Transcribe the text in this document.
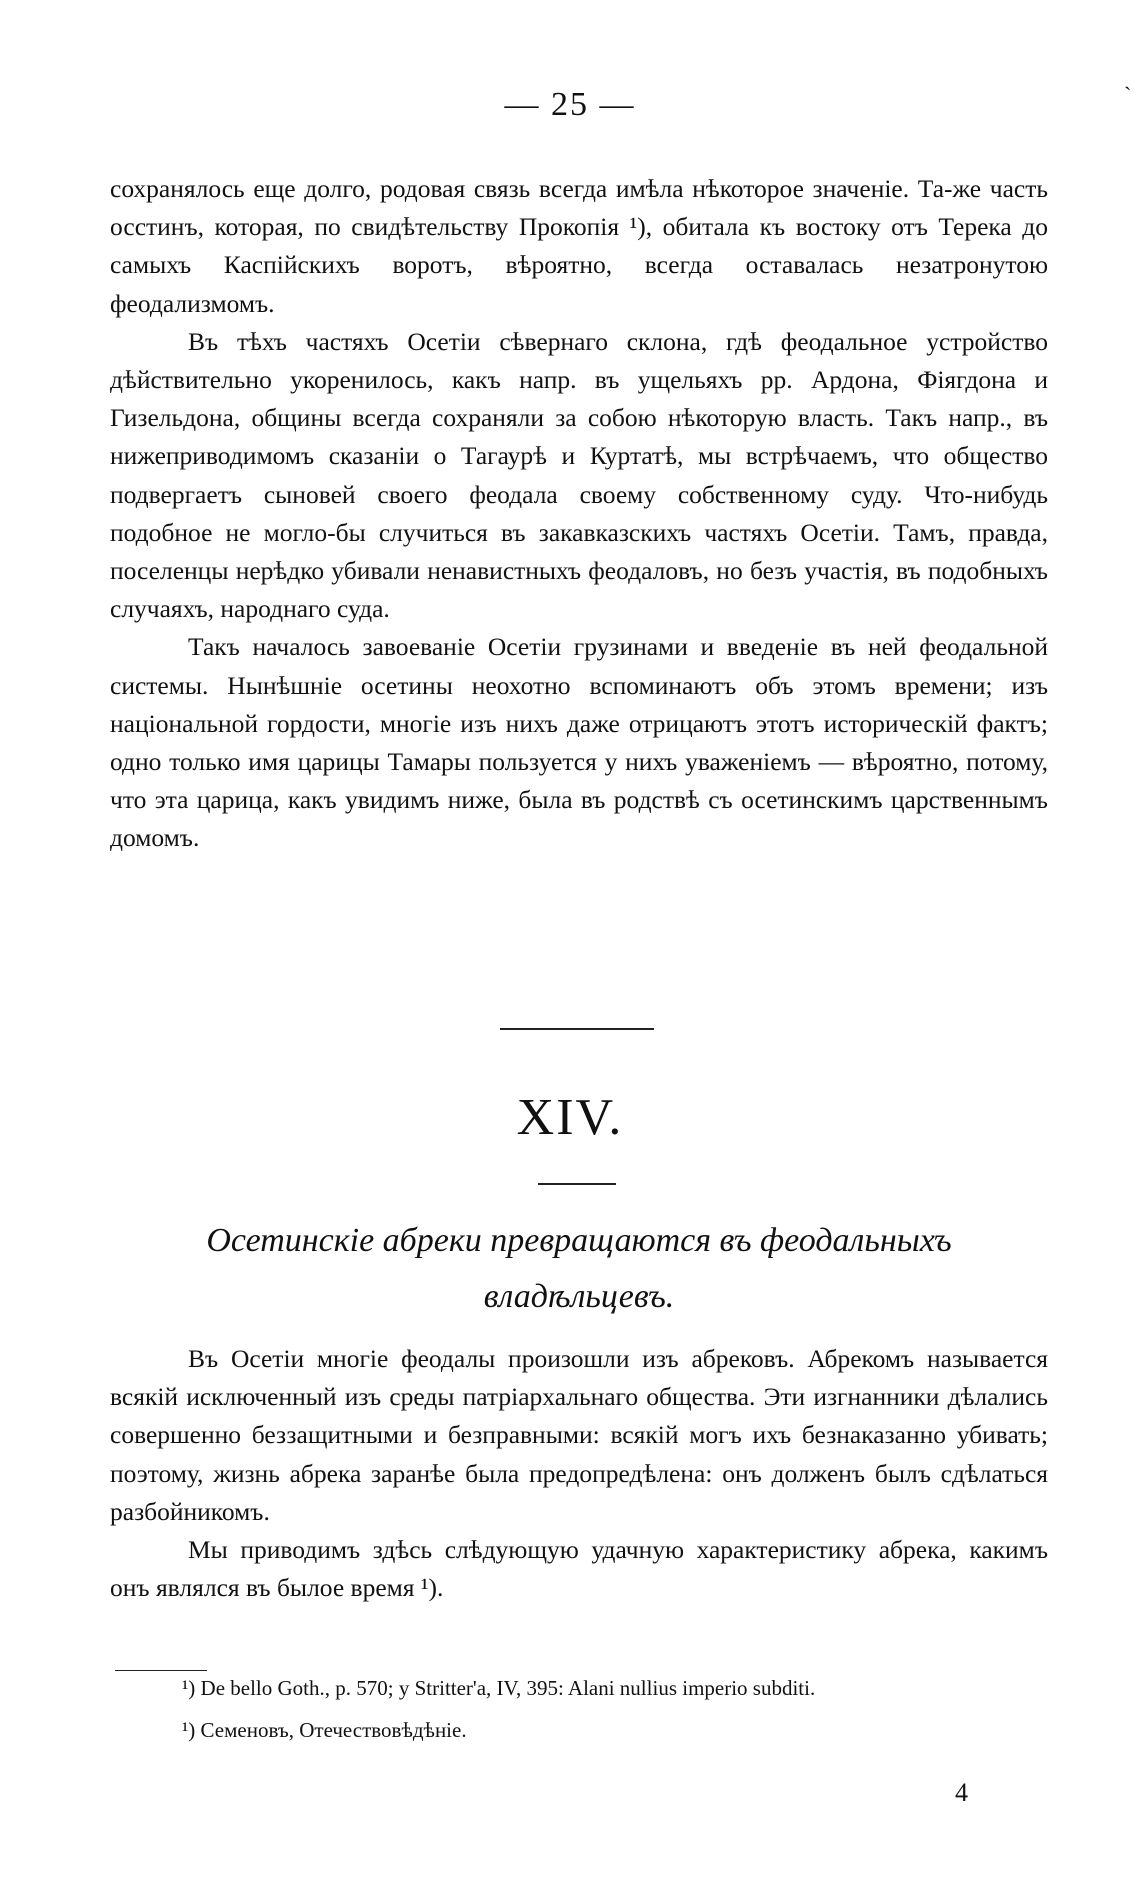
— 25 —	`

сохранялось еще долго, родовая связь всегда имѣла нѣкоторое значенiе. Та-же часть осстинъ, которая, по свидѣтельству Прокопiя ¹), обитала къ востоку отъ Терека до самыхъ Каспiйскихъ воротъ, вѣроятно, всегда оставалась незатронутою феодализмомъ.

Въ тѣхъ частяхъ Осетiи сѣвернаго склона, гдѣ феодальное устройство дѣйствительно укоренилось, какъ напр. въ ущельяхъ рр. Ардона, Фiягдона и Гизельдона, общины всегда сохраняли за собою нѣкоторую власть. Такъ напр., въ нижеприводимомъ сказанiи о Тагаурѣ и Куртатѣ, мы встрѣчаемъ, что общество подвергаетъ сыновей своего феодала своему собственному суду. Что-нибудь подобное не могло-бы случиться въ закавказскихъ частяхъ Осетiи. Тамъ, правда, поселенцы нерѣдко убивали ненавистныхъ феодаловъ, но безъ участiя, въ подобныхъ случаяхъ, народнаго суда.

Такъ началось завоеванiе Осетiи грузинами и введенiе въ ней феодальной системы. Нынѣшнiе осетины неохотно вспоминаютъ объ этомъ времени; изъ нацiональной гордости, многiе изъ нихъ даже отрицаютъ этотъ историческiй фактъ; одно только имя царицы Тамары пользуется у нихъ уваженiемъ — вѣроятно, потому, что эта царица, какъ увидимъ ниже, была въ родствѣ съ осетинскимъ царственнымъ домомъ.

XIV.
Осетинскiе абреки превращаются въ феодальныхъ владѣльцевъ.

Въ Осетiи многiе феодалы произошли изъ абрековъ. Абрекомъ называется всякiй исключенный изъ среды патрiархальнаго общества. Эти изгнанники дѣлались совершенно беззащитными и безправными: всякiй могъ ихъ безнаказанно убивать; поэтому, жизнь абрека заранѣе была предопредѣлена: онъ долженъ былъ сдѣлаться разбойникомъ.

Мы приводимъ здѣсь слѣдующую удачную характеристику абрека, какимъ онъ являлся въ былое время ¹).

¹) De bello Goth., p. 570; у Stritter'а, IV, 395: Alani nullius imperio subditi.

¹) Семеновъ, Отечествовѣдѣнiе.

4
